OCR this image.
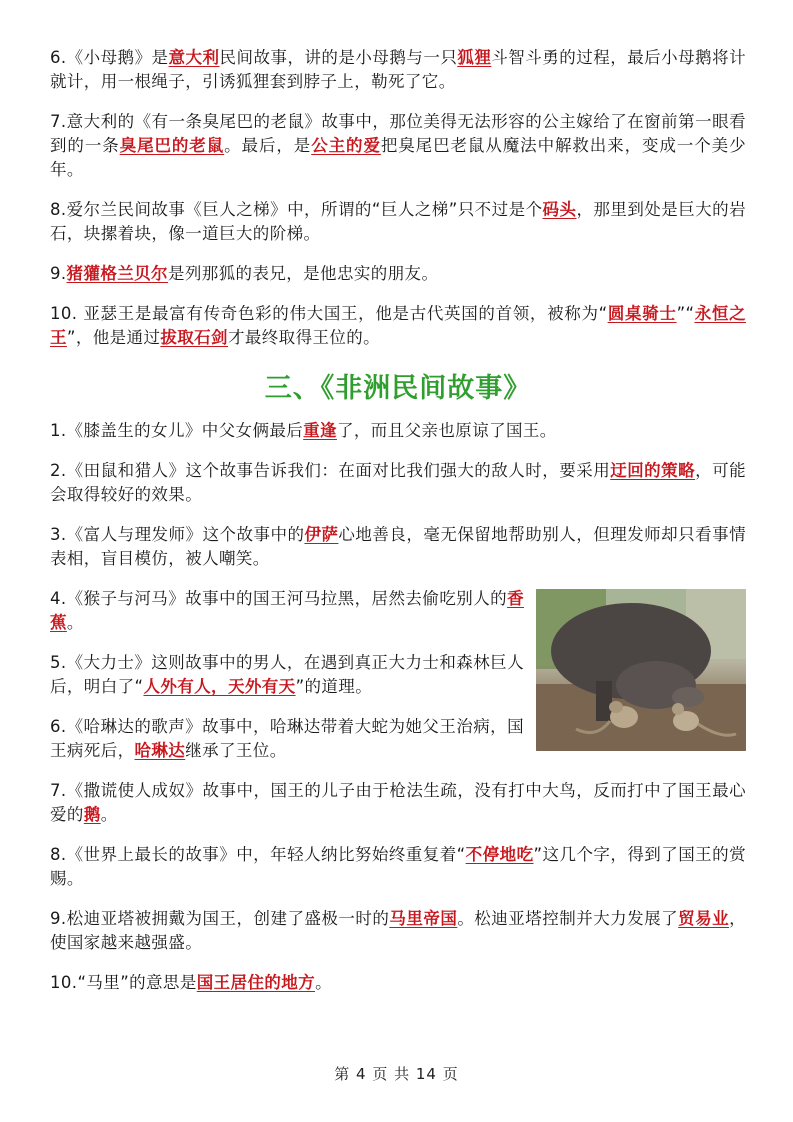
6.《小母鹅》是意大利民间故事，讲的是小母鹅与一只狐狸斗智斗勇的过程，最后小母鹅将计就计，用一根绳子，引诱狐狸套到脖子上，勒死了它。

7.意大利的《有一条臭尾巴的老鼠》故事中，那位美得无法形容的公主嫁给了在窗前第一眼看到的一条臭尾巴的老鼠。最后，是公主的爱把臭尾巴老鼠从魔法中解救出来，变成一个美少年。

8.爱尔兰民间故事《巨人之梯》中，所谓的“巨人之梯”只不过是个码头，那里到处是巨大的岩石，块摞着块，像一道巨大的阶梯。

9.猪獾格兰贝尔是列那狐的表兄，是他忠实的朋友。

10. 亚瑟王是最富有传奇色彩的伟大国王，他是古代英国的首领，被称为“圆桌骑士”“永恒之王”，他是通过拔取石剑才最终取得王位的。

三、《非洲民间故事》

1.《膝盖生的女儿》中父女俩最后重逢了，而且父亲也原谅了国王。

2.《田鼠和猎人》这个故事告诉我们：在面对比我们强大的敌人时，要采用迂回的策略，可能会取得较好的效果。

3.《富人与理发师》这个故事中的伊萨心地善良，毫无保留地帮助别人，但理发师却只看事情表相，盲目模仿，被人嘲笑。

4.《猴子与河马》故事中的国王河马拉黑，居然去偷吃别人的香蕉。

5.《大力士》这则故事中的男人，在遇到真正大力士和森林巨人后，明白了“人外有人，天外有天”的道理。

6.《哈琳达的歌声》故事中，哈琳达带着大蛇为她父王治病，国王病死后，哈琳达继承了王位。

7.《撒谎使人成奴》故事中，国王的儿子由于枪法生疏，没有打中大鸟，反而打中了国王最心爱的鹅。

8.《世界上最长的故事》中，年轻人纳比努始终重复着“不停地吃”这几个字，得到了国王的赏赐。

9.松迪亚塔被拥戴为国王，创建了盛极一时的马里帝国。松迪亚塔控制并大力发展了贸易业，使国家越来越强盛。

10.“马里”的意思是国王居住的地方。

第 4 页 共 14 页
